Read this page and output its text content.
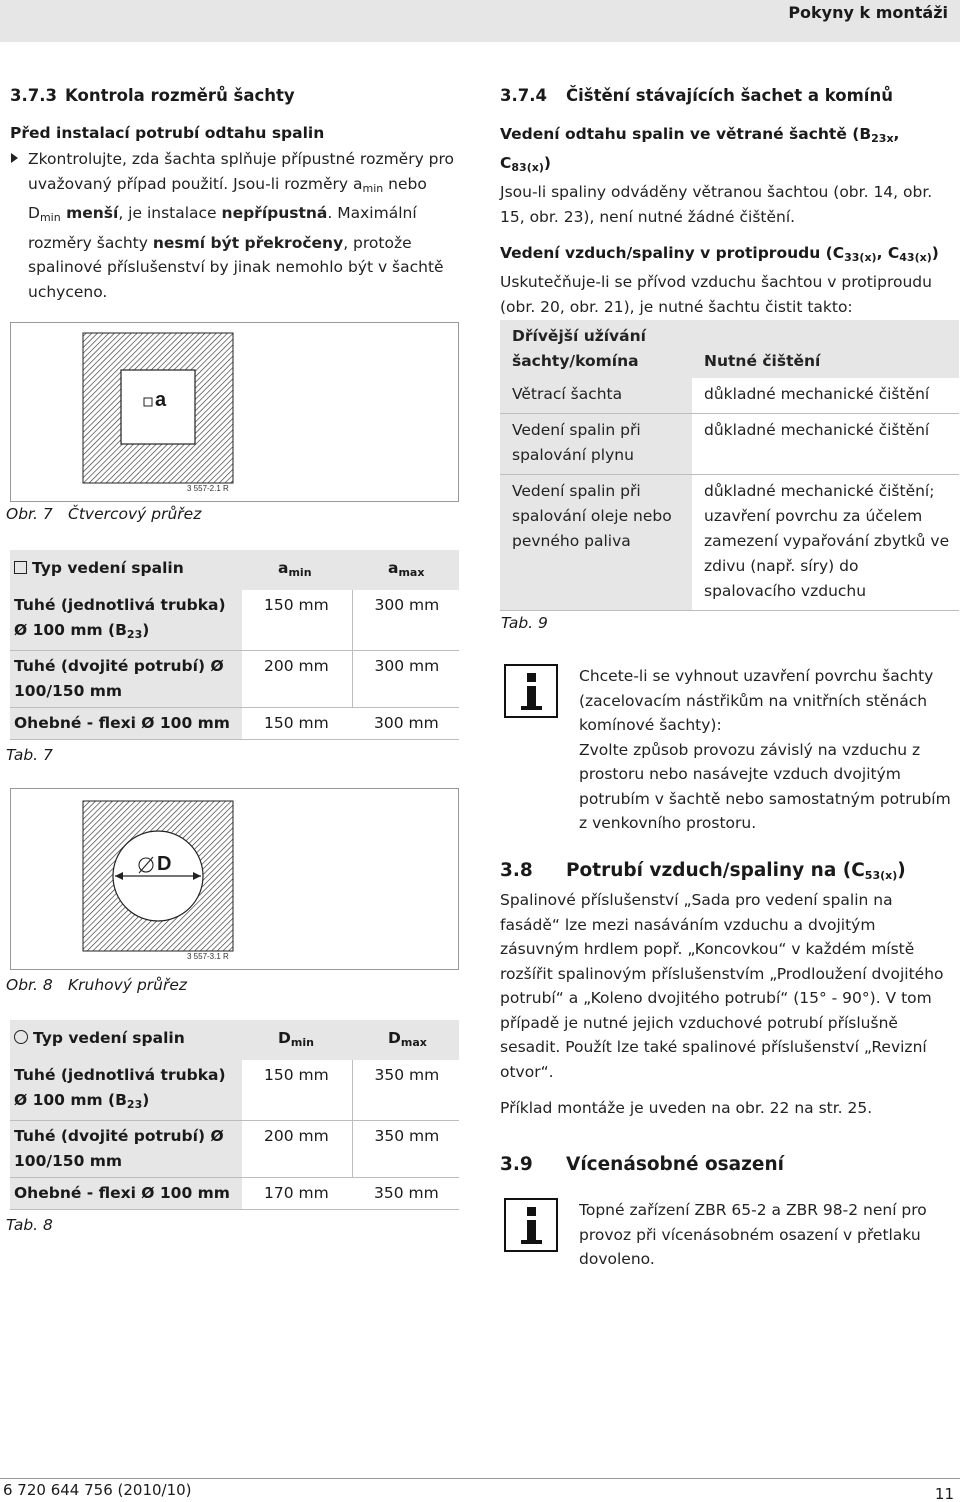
Pokyny k montáži
3.7.3 Kontrola rozměrů šachty
Před instalací potrubí odtahu spalin

Zkontrolujte, zda šachta splňuje přípustné rozměry pro uvažovaný případ použití. Jsou-li rozměry $a_{min}$ nebo $D_{min}$ menší, je instalace nepřípustná. Maximální rozměry šachty nesmí být překročeny, protože spalinové příslušenství by jinak nemohlo být v šachtě uchyceno.

a
3 557-2.1 R
Obr. 7 Čtvercový průřez
Typ vedení spalin	$a_{min}$	$a_{max}$
Tuhé (jednotlivá trubka) Ø 100 mm $(B_{23})$	150 mm	300 mm
Tuhé (dvojité potrubí) Ø 100/150 mm	200 mm	300 mm
Ohebné - flexi Ø 100 mm	150 mm	300 mm
Tab. 7
D
3 557-3.1 R
Obr. 8 Kruhový průřez
Typ vedení spalin	$D_{min}$	$D_{max}$
Tuhé (jednotlivá trubka) Ø 100 mm $(B_{23})$	150 mm	350 mm
Tuhé (dvojité potrubí) Ø 100/150 mm	200 mm	350 mm
Ohebné - flexi Ø 100 mm	170 mm	350 mm
Tab. 8
3.7.4	Čištění stávajících šachet a komínů
Vedení odtahu spalin ve větrané šachtě ($B_{23x}$, $C_{83(x)}$)

Jsou-li spaliny odváděny větranou šachtou (obr. 14, obr. 15, obr. 23), není nutné žádné čištění.

Vedení vzduch/spaliny v protiproudu ($C_{33(x)}$, $C_{43(x)}$)

Uskutečňuje-li se přívod vzduchu šachtou v protiproudu (obr. 20, obr. 21), je nutné šachtu čistit takto:

Dřívější užívání šachty/komína	Nutné čištění
Větrací šachta	důkladné mechanické čištění
Vedení spalin při spalování plynu	důkladné mechanické čištění
Vedení spalin při spalování oleje nebo pevného paliva	důkladné mechanické čištění; uzavření povrchu za účelem zamezení vypařování zbytků ve zdivu (např. síry) do spalovacího vzduchu
Tab. 9
Chcete-li se vyhnout uzavření povrchu šachty (zacelovacím nástřikům na vnitřních stěnách komínové šachty):
Zvolte způsob provozu závislý na vzduchu z prostoru nebo nasávejte vzduch dvojitým potrubím v šachtě nebo samostatným potrubím z venkovního prostoru.
3.8	Potrubí vzduch/spaliny na $(C_{53(x)})$

Spalinové příslušenství „Sada pro vedení spalin na fasádě“ lze mezi nasáváním vzduchu a dvojitým zásuvným hrdlem popř. „Koncovkou“ v každém místě rozšířit spalinovým příslušenstvím „Prodloužení dvojitého potrubí“ a „Koleno dvojitého potrubí“ (15° - 90°). V tom případě je nutné jejich vzduchové potrubí příslušně sesadit. Použít lze také spalinové příslušenství „Revizní otvor“.

Příklad montáže je uveden na obr. 22 na str. 25.

3.9	Vícenásobné osazení
Topné zařízení ZBR 65-2 a ZBR 98-2 není pro provoz při vícenásobném osazení v přetlaku dovoleno.
6 720 644 756 (2010/10)	11
